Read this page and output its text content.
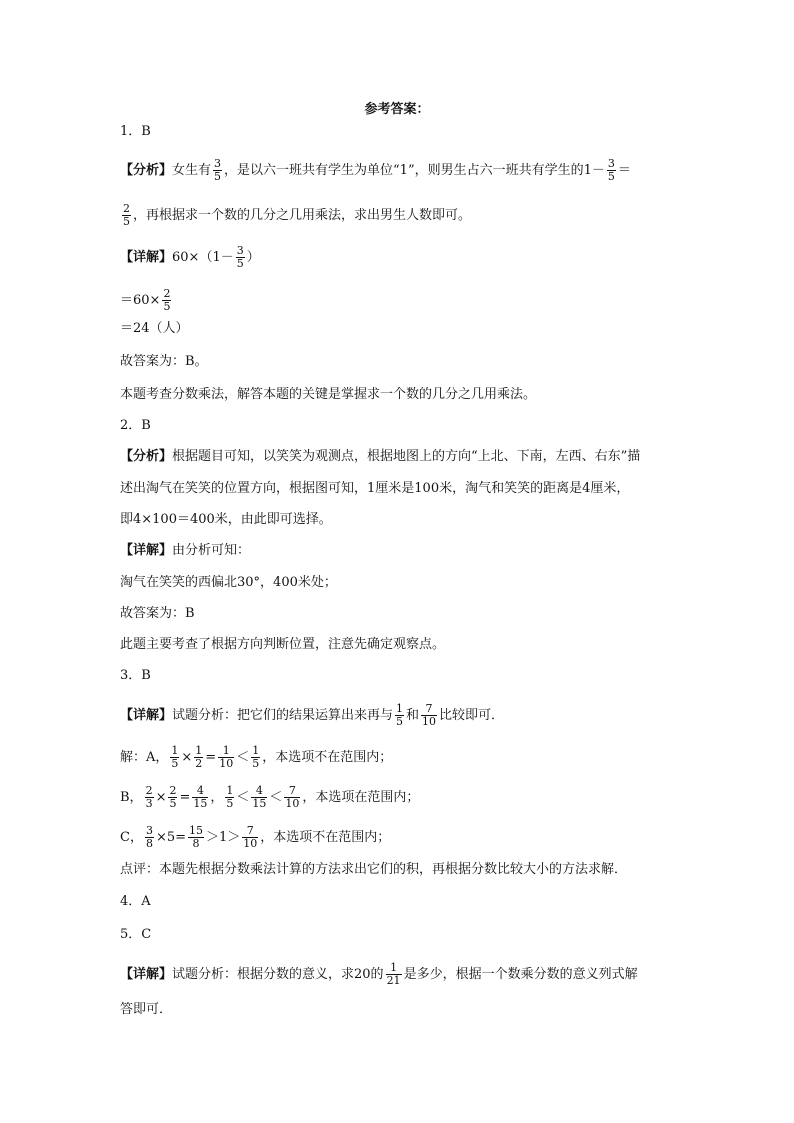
参考答案：
1．B
【分析】女生有 $\frac{3}{5}$ ，是以六一班共有学生为单位“1”，则男生占六一班共有学生的$1- \frac{3}{5}$ ＝
$\frac{2}{5}$ ，再根据求一个数的几分之几用乘法，求出男生人数即可。
【详解】$60\times(1- \frac{3}{5}$ ）
$=60\times \frac{2}{5}$
＝24（人）
故答案为：B。
本题考查分数乘法，解答本题的关键是掌握求一个数的几分之几用乘法。
2．B
【分析】根据题目可知，以笑笑为观测点，根据地图上的方向“上北、下南，左西、右东”描
述出淘气在笑笑的位置方向，根据图可知，1厘米是100米，淘气和笑笑的距离是4厘米，
即4×100＝400米，由此即可选择。
【详解】由分析可知：
淘气在笑笑的西偏北30°，400米处；
故答案为：B
此题主要考查了根据方向判断位置，注意先确定观察点。
3．B
【详解】试题分析：把它们的结果运算出来再与 $\frac{1}{5}$ 和 $\frac{7}{10}$ 比较即可．
解：A， $\frac{1}{5} \times \frac{1}{2} = \frac{1}{10} < \frac{1}{5}$ ，本选项不在范围内；
B， $\frac{2}{3} \times \frac{2}{5} = \frac{4}{15}$ ， $\frac{1}{5} < \frac{4}{15} < \frac{7}{10}$ ，本选项在范围内；
C， $\frac{3}{8} \times 5= \frac{15}{8} >1> \frac{7}{10}$ ，本选项不在范围内；
点评：本题先根据分数乘法计算的方法求出它们的积，再根据分数比较大小的方法求解．
4．A
5．C
【详解】试题分析：根据分数的意义，求20的 $\frac{1}{21}$ 是多少，根据一个数乘分数的意义列式解
答即可．
